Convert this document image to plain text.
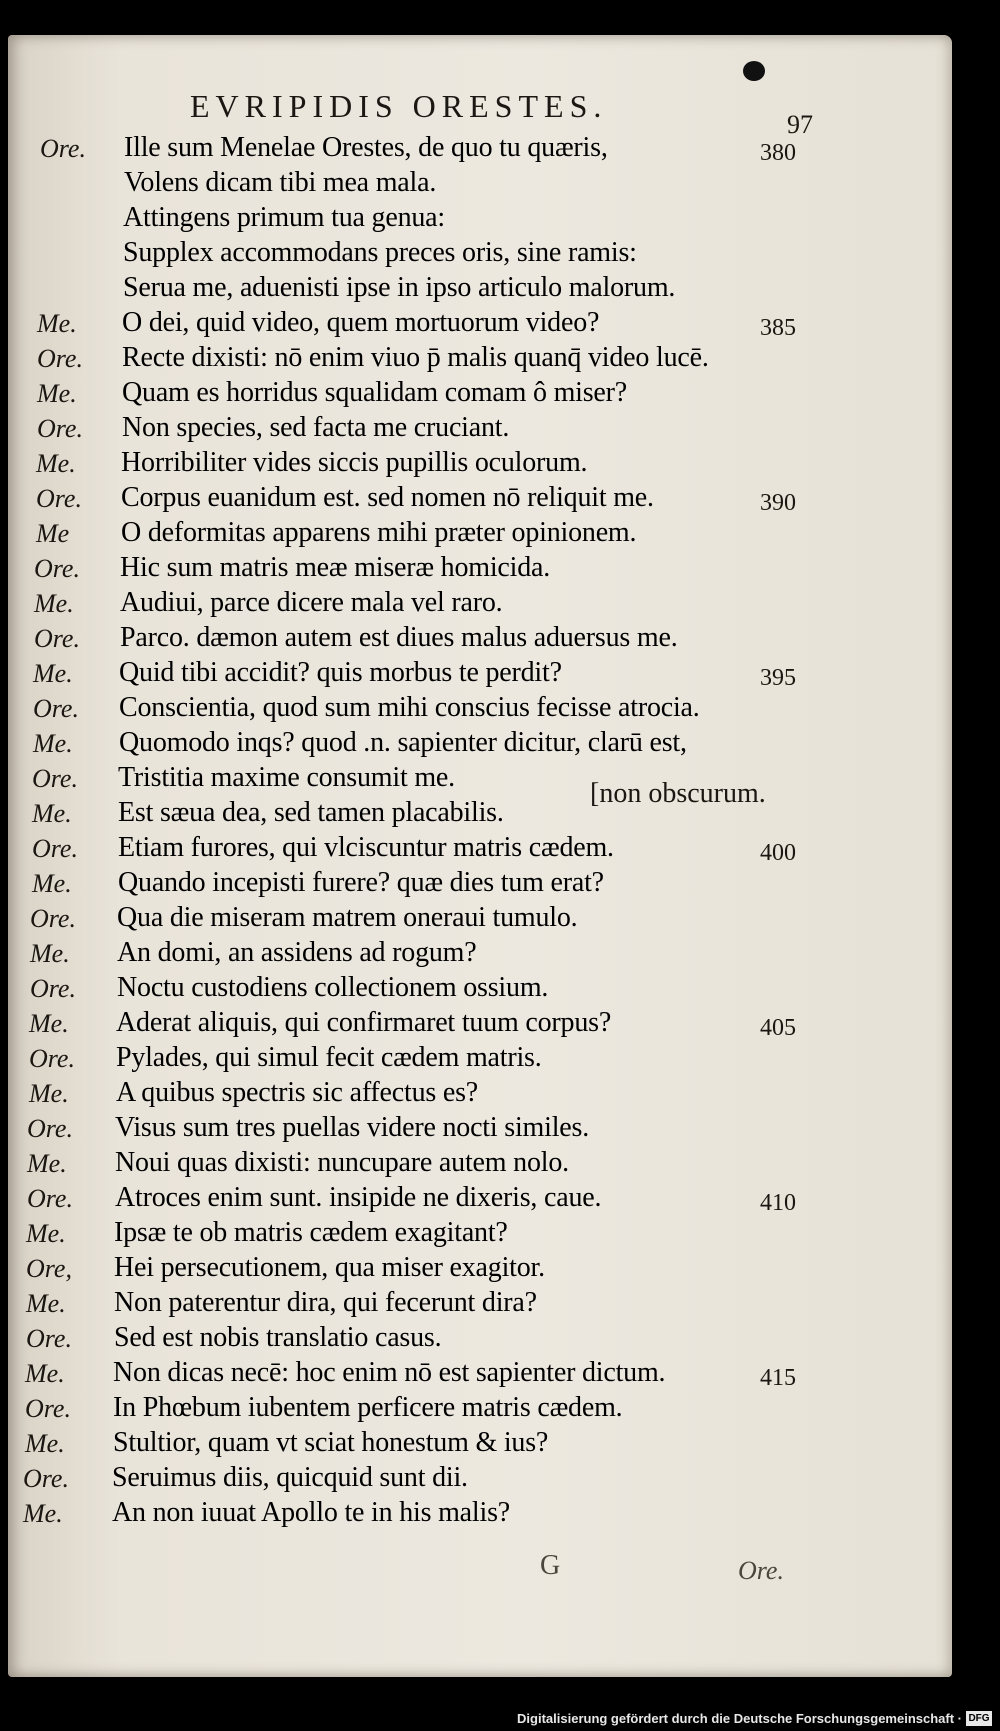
EVRIPIDIS ORESTES.
97
Ore. Ille sum Menelae Orestes, de quo tu quæris,	380
Volens dicam tibi mea mala.
Attingens primum tua genua:
Supplex accommodans preces oris, sine ramis:
Serua me, aduenisti ipse in ipso articulo malorum.
Me. O dei, quid video, quem mortuorum video?	385
Ore. Recte dixisti: nō enim viuo p̄ malis quanq̄ video lucē.
Me. Quam es horridus squalidam comam ô miser?
Ore. Non species, sed facta me cruciant.
Me. Horribiliter vides siccis pupillis oculorum.
Ore. Corpus euanidum est. sed nomen nō reliquit me.	390
Me O deformitas apparens mihi præter opinionem.
Ore. Hic sum matris meæ miseræ homicida.
Me. Audiui, parce dicere mala vel raro.
Ore. Parco. dæmon autem est diues malus aduersus me.
Me. Quid tibi accidit? quis morbus te perdit?	395
Ore. Conscientia, quod sum mihi conscius fecisse atrocia.
Me. Quomodo inqs? quod .n. sapienter dicitur, clarū est,
Ore. Tristitia maxime consumit me.
Me. Est sæua dea, sed tamen placabilis.
Ore. Etiam furores, qui vlciscuntur matris cædem.	400
Me. Quando incepisti furere? quæ dies tum erat?
Ore. Qua die miseram matrem oneraui tumulo.
Me. An domi, an assidens ad rogum?
Ore. Noctu custodiens collectionem ossium.
Me. Aderat aliquis, qui confirmaret tuum corpus?	405
Ore. Pylades, qui simul fecit cædem matris.
Me. A quibus spectris sic affectus es?
Ore. Visus sum tres puellas videre nocti similes.
Me. Noui quas dixisti: nuncupare autem nolo.
Ore. Atroces enim sunt. insipide ne dixeris, caue.	410
Me. Ipsæ te ob matris cædem exagitant?
Ore, Hei persecutionem, qua miser exagitor.
Me. Non paterentur dira, qui fecerunt dira?
Ore. Sed est nobis translatio casus.
Me. Non dicas necē: hoc enim nō est sapienter dictum.	415
Ore. In Phœbum iubentem perficere matris cædem.
Me. Stultior, quam vt sciat honestum & ius?
Ore. Seruimus diis, quicquid sunt dii.
Me. An non iuuat Apollo te in his malis?
[non obscurum.
G	Ore.
Digitalisierung gefördert durch die Deutsche Forschungsgemeinschaft · DFG
